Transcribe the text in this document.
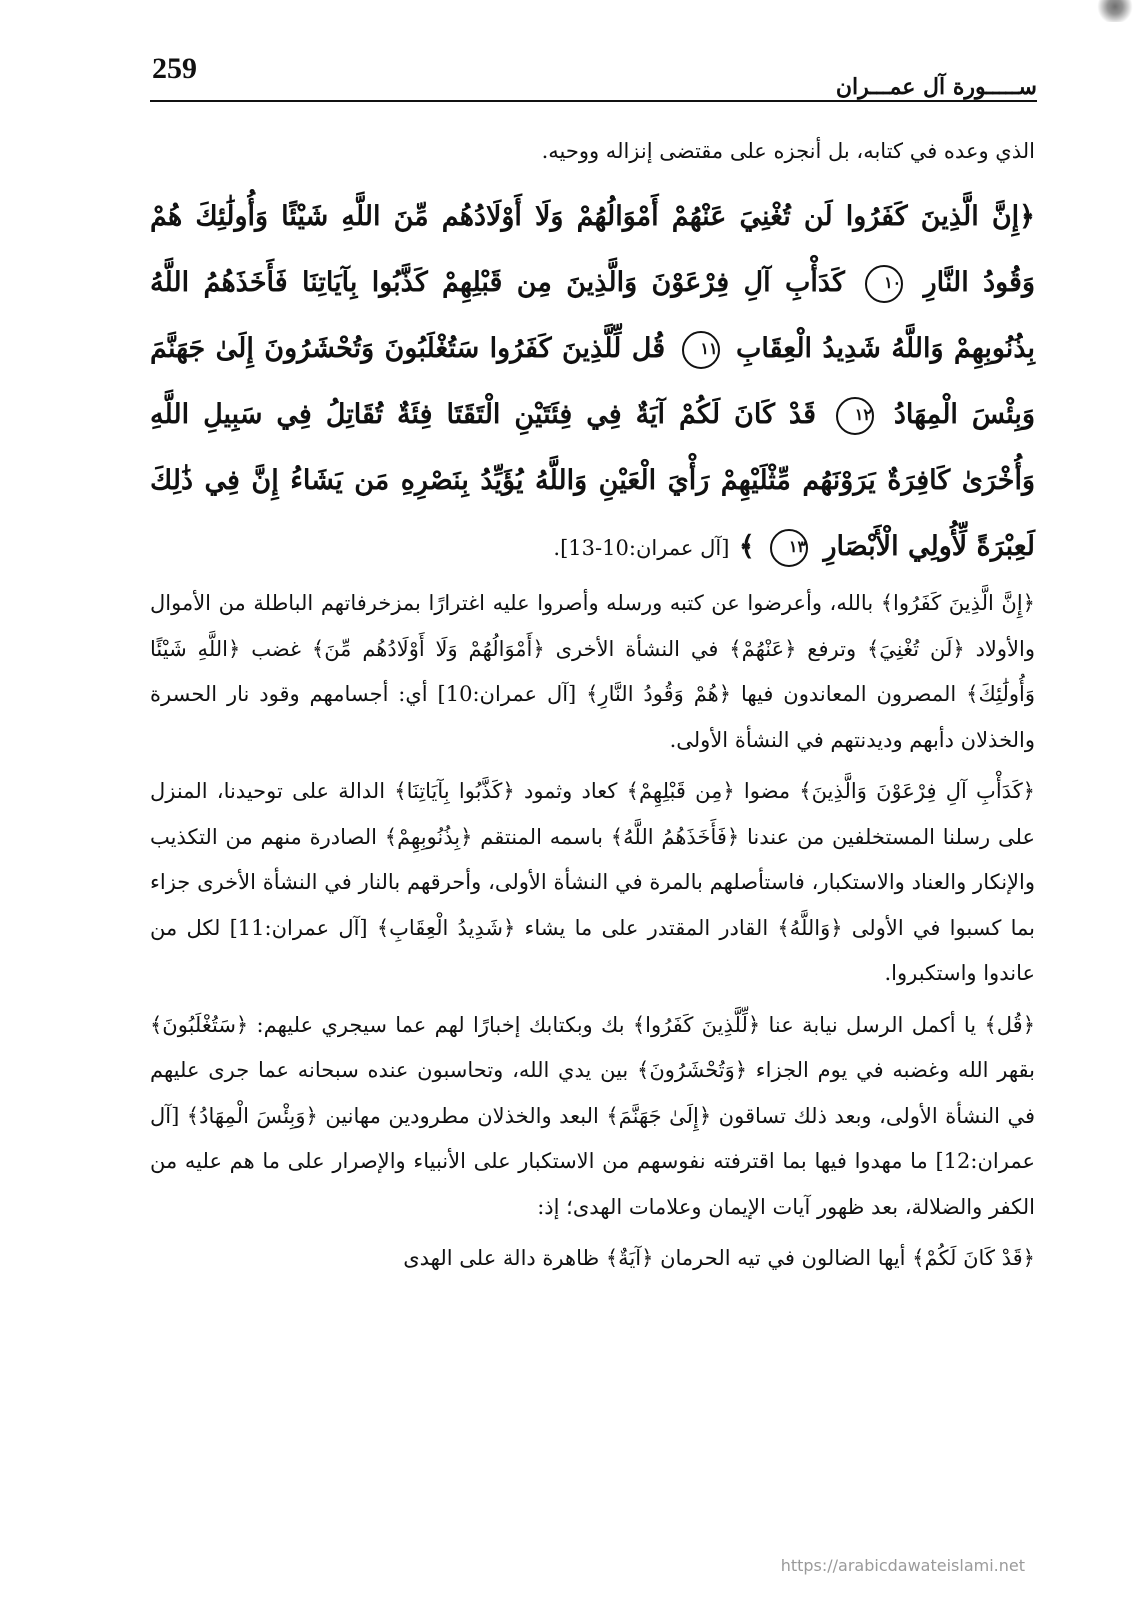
259
ســـــورة آل عمـــران

الذي وعده في كتابه، بل أنجزه على مقتضى إنزاله ووحيه.

﴿إِنَّ الَّذِينَ كَفَرُوا لَن تُغْنِيَ عَنْهُمْ أَمْوَالُهُمْ وَلَا أَوْلَادُهُم مِّنَ اللَّهِ شَيْئًا وَأُولَٰئِكَ هُمْ وَقُودُ النَّارِ ١٠ كَدَأْبِ آلِ فِرْعَوْنَ وَالَّذِينَ مِن قَبْلِهِمْ كَذَّبُوا بِآيَاتِنَا فَأَخَذَهُمُ اللَّهُ بِذُنُوبِهِمْ وَاللَّهُ شَدِيدُ الْعِقَابِ ١١ قُل لِّلَّذِينَ كَفَرُوا سَتُغْلَبُونَ وَتُحْشَرُونَ إِلَىٰ جَهَنَّمَ وَبِئْسَ الْمِهَادُ ١٢ قَدْ كَانَ لَكُمْ آيَةٌ فِي فِئَتَيْنِ الْتَقَتَا فِئَةٌ تُقَاتِلُ فِي سَبِيلِ اللَّهِ وَأُخْرَىٰ كَافِرَةٌ يَرَوْنَهُم مِّثْلَيْهِمْ رَأْيَ الْعَيْنِ وَاللَّهُ يُؤَيِّدُ بِنَصْرِهِ مَن يَشَاءُ إِنَّ فِي ذَٰلِكَ لَعِبْرَةً لِّأُولِي الْأَبْصَارِ ١٣ ﴾ [آل عمران:10-13].

﴿إِنَّ الَّذِينَ كَفَرُوا﴾ بالله، وأعرضوا عن كتبه ورسله وأصروا عليه اغترارًا بمزخرفاتهم الباطلة من الأموال والأولاد ﴿لَن تُغْنِيَ﴾ وترفع ﴿عَنْهُمْ﴾ في النشأة الأخرى ﴿أَمْوَالُهُمْ وَلَا أَوْلَادُهُم مِّنَ﴾ غضب ﴿اللَّهِ شَيْئًا وَأُولَٰئِكَ﴾ المصرون المعاندون فيها ﴿هُمْ وَقُودُ النَّارِ﴾ [آل عمران:10] أي: أجسامهم وقود نار الحسرة والخذلان دأبهم وديدنتهم في النشأة الأولى.

﴿كَدَأْبِ آلِ فِرْعَوْنَ وَالَّذِينَ﴾ مضوا ﴿مِن قَبْلِهِمْ﴾ كعاد وثمود ﴿كَذَّبُوا بِآيَاتِنَا﴾ الدالة على توحيدنا، المنزل على رسلنا المستخلفين من عندنا ﴿فَأَخَذَهُمُ اللَّهُ﴾ باسمه المنتقم ﴿بِذُنُوبِهِمْ﴾ الصادرة منهم من التكذيب والإنكار والعناد والاستكبار، فاستأصلهم بالمرة في النشأة الأولى، وأحرقهم بالنار في النشأة الأخرى جزاء بما كسبوا في الأولى ﴿وَاللَّهُ﴾ القادر المقتدر على ما يشاء ﴿شَدِيدُ الْعِقَابِ﴾ [آل عمران:11] لكل من عاندوا واستكبروا.

﴿قُل﴾ يا أكمل الرسل نيابة عنا ﴿لِّلَّذِينَ كَفَرُوا﴾ بك وبكتابك إخبارًا لهم عما سيجري عليهم: ﴿سَتُغْلَبُونَ﴾ بقهر الله وغضبه في يوم الجزاء ﴿وَتُحْشَرُونَ﴾ بين يدي الله، وتحاسبون عنده سبحانه عما جرى عليهم في النشأة الأولى، وبعد ذلك تساقون ﴿إِلَىٰ جَهَنَّمَ﴾ البعد والخذلان مطرودين مهانين ﴿وَبِئْسَ الْمِهَادُ﴾ [آل عمران:12] ما مهدوا فيها بما اقترفته نفوسهم من الاستكبار على الأنبياء والإصرار على ما هم عليه من الكفر والضلالة، بعد ظهور آيات الإيمان وعلامات الهدى؛ إذ:

﴿قَدْ كَانَ لَكُمْ﴾ أيها الضالون في تيه الحرمان ﴿آيَةٌ﴾ ظاهرة دالة على الهدى

https://arabicdawateislami.net
